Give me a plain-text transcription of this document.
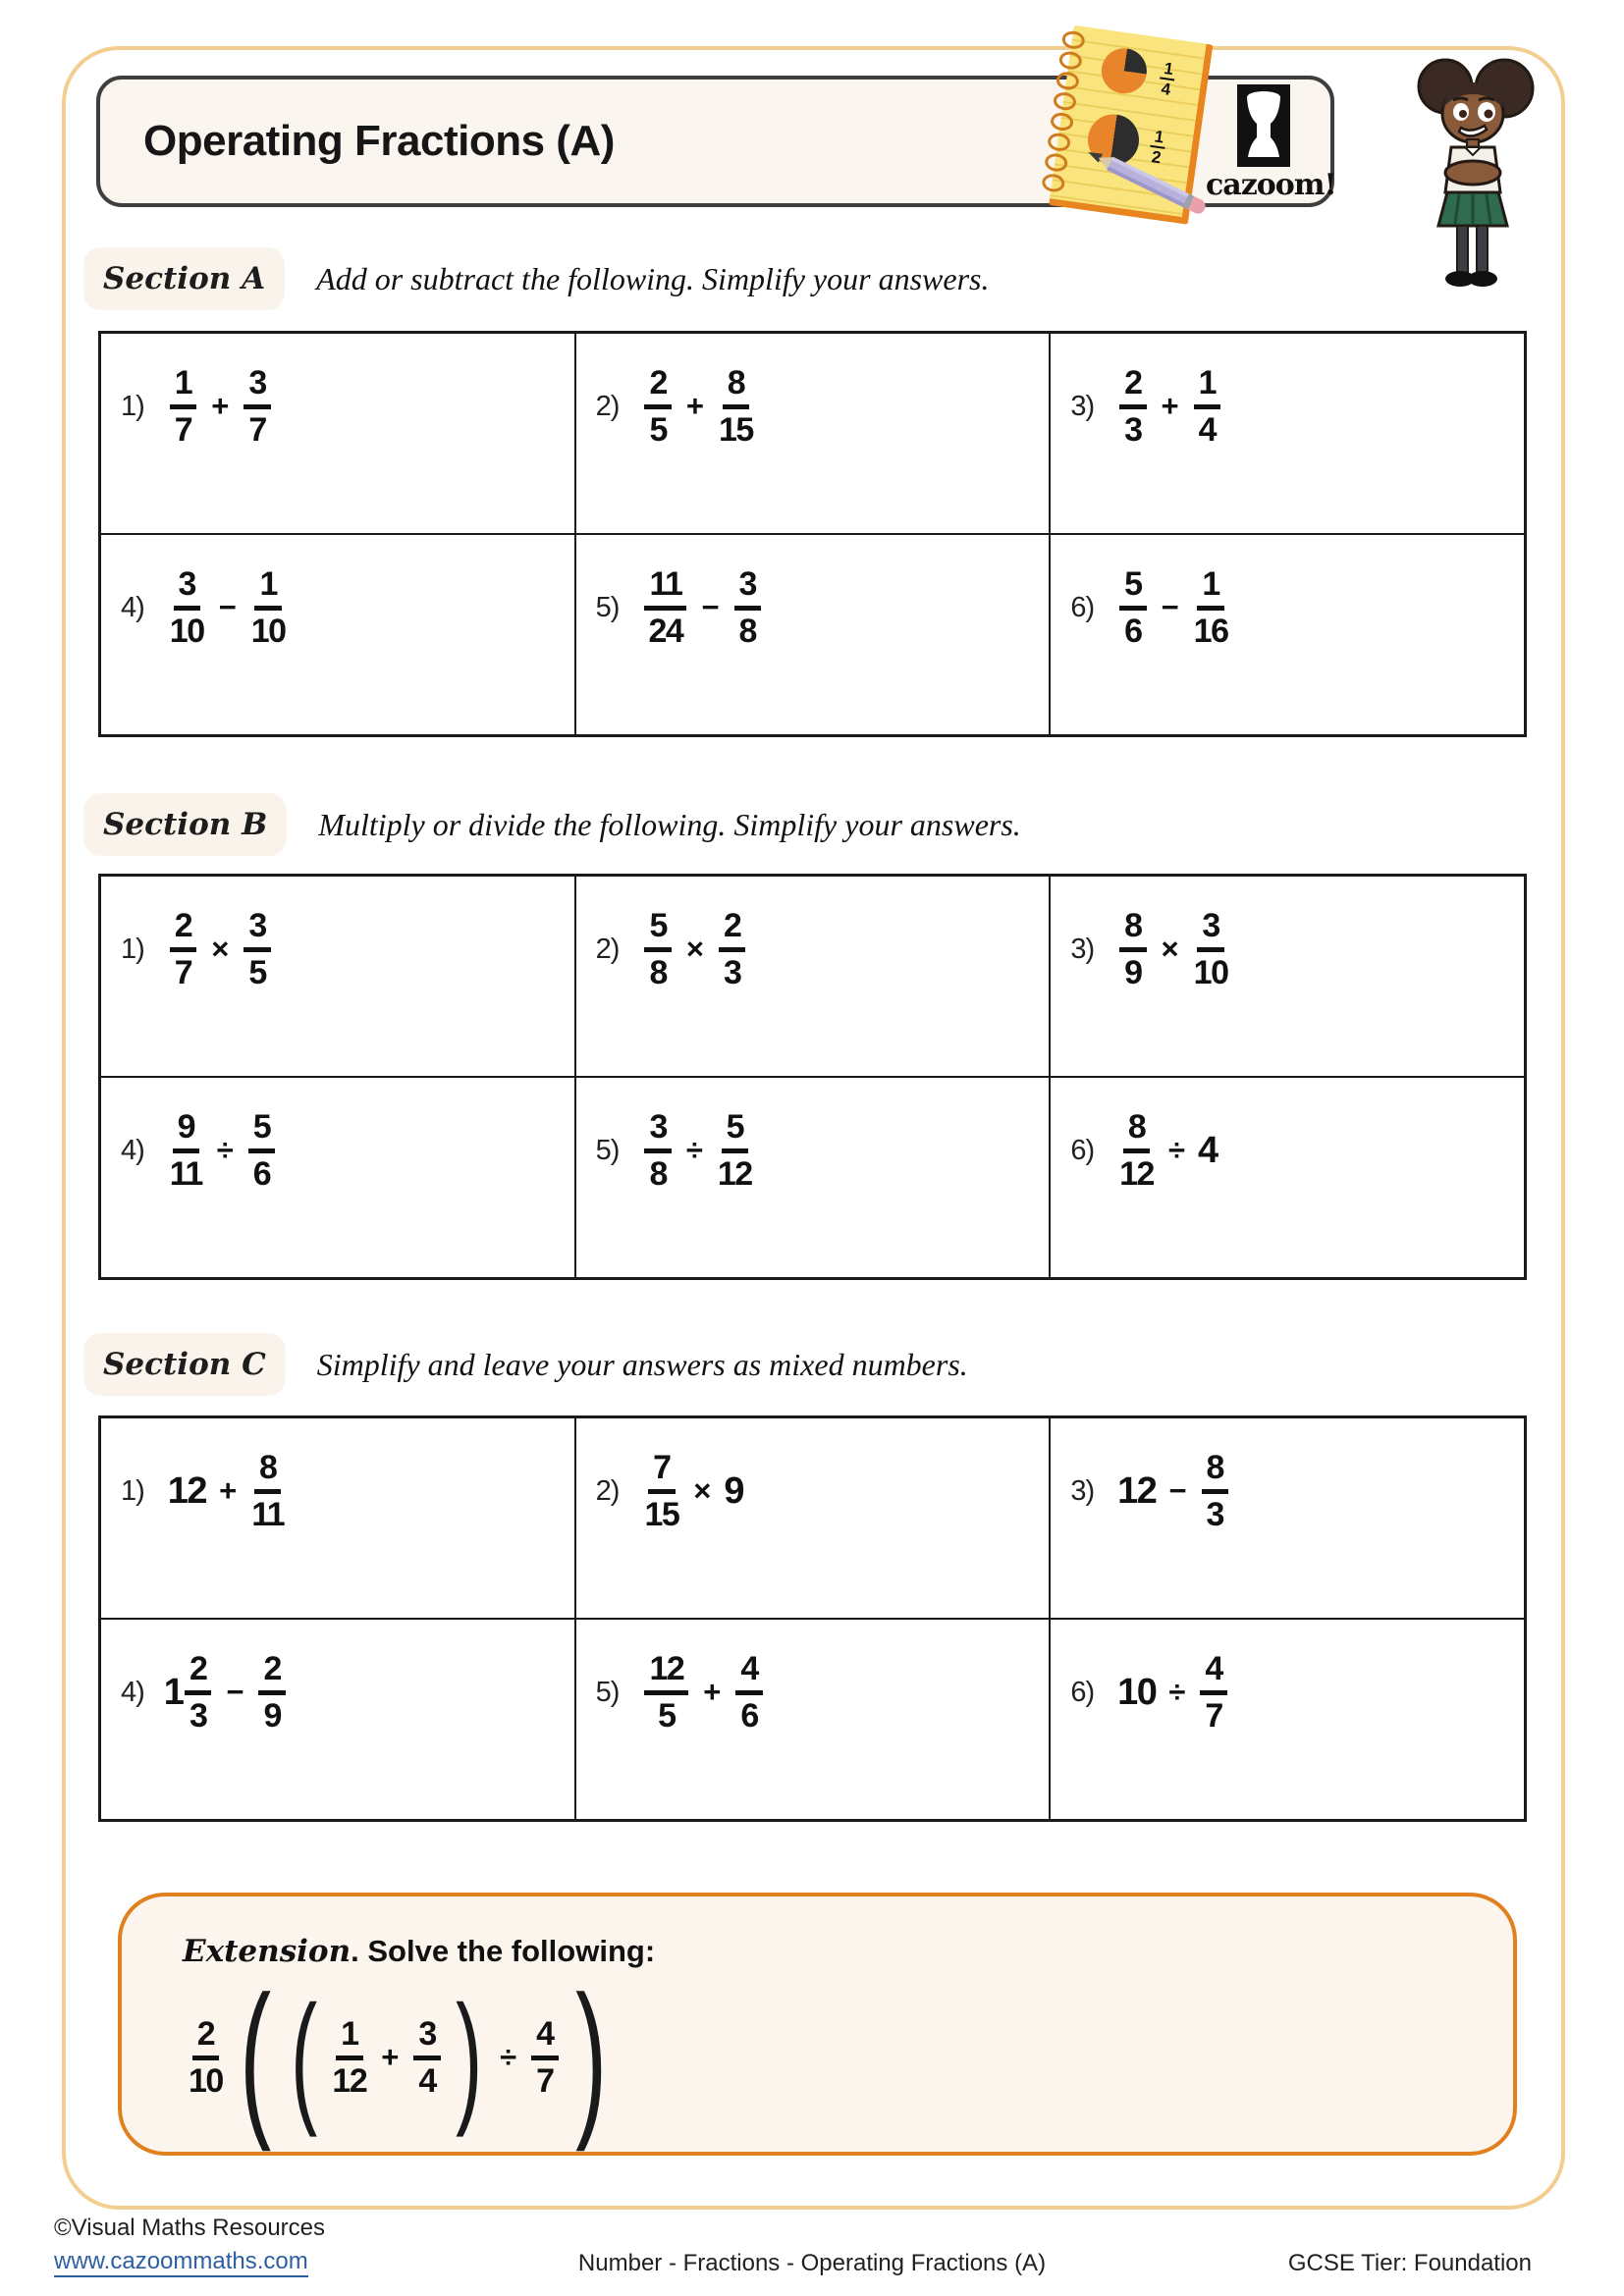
Operating Fractions (A)
cazoom!
$\frac{1}{4}$
$\frac{1}{2}$
Section A	Add or subtract the following. Simplify your answers.
$1) \frac{1}{7} + \frac{3}{7}$	$2) \frac{2}{5} + \frac{8}{15}$	$3) \frac{2}{3} + \frac{1}{4}$
$4) \frac{3}{10} - \frac{1}{10}$	$5) \frac{11}{24} - \frac{3}{8}$	$6) \frac{5}{6} - \frac{1}{16}$
Section B	Multiply or divide the following. Simplify your answers.
$1) \frac{2}{7} \times \frac{3}{5}$	$2) \frac{5}{8} \times \frac{2}{3}$	$3) \frac{8}{9} \times \frac{3}{10}$
$4) \frac{9}{11} \div \frac{5}{6}$	$5) \frac{3}{8} \div \frac{5}{12}$	$6) \frac{8}{12} \div 4$
Section C	Simplify and leave your answers as mixed numbers.
1) $12 + \frac{8}{11}$	$2) \frac{7}{15} \times 9$	3) $12 - \frac{8}{3}$
4) $1 \frac{2}{3} - \frac{2}{9}$	$5) \frac{12}{5} + \frac{4}{6}$	6) $10 \div \frac{4}{7}$
Extension. Solve the following:
$\frac{2}{10}$ ( ( $\frac{1}{12} + \frac{3}{4}$ ) ÷ $\frac{4}{7}$ )
©Visual Maths Resources
www.cazoommaths.com	Number - Fractions - Operating Fractions (A)	GCSE Tier: Foundation
